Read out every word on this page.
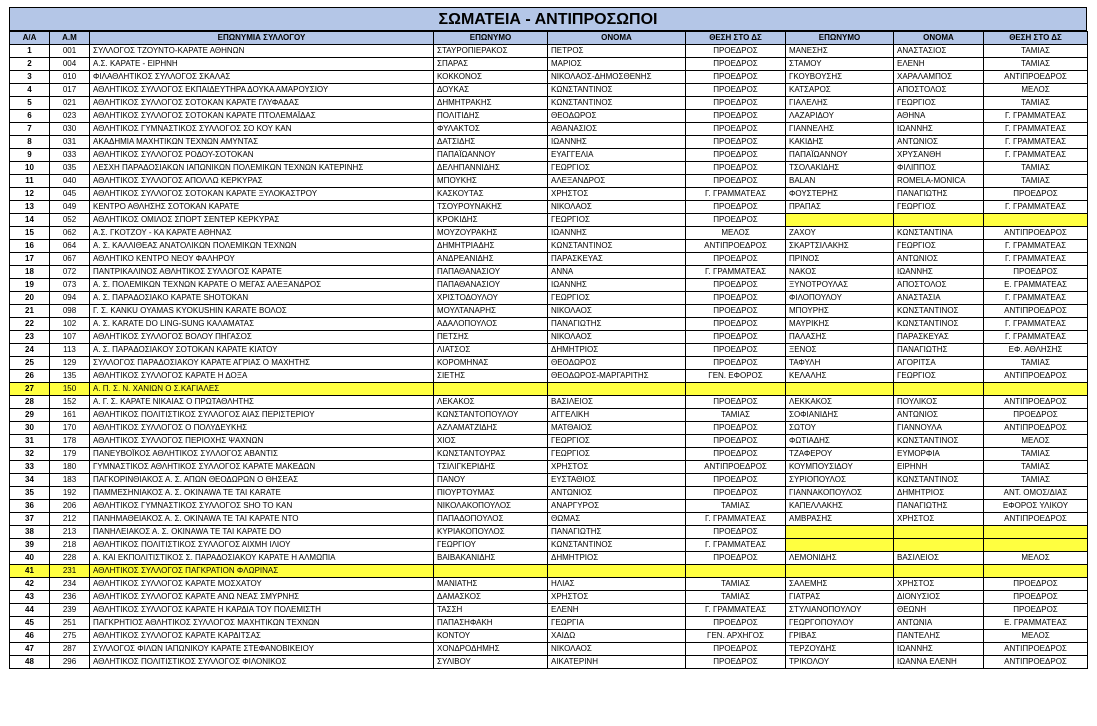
ΣΩΜΑΤΕΙΑ - ΑΝΤΙΠΡΟΣΩΠΟΙ
Α/Α	Α.Μ	ΕΠΩΝΥΜΙΑ ΣΥΛΛΟΓΟΥ	ΕΠΩΝΥΜΟ	ΟΝΟΜΑ	ΘΕΣΗ ΣΤΟ ΔΣ	ΕΠΩΝΥΜΟ	ΟΝΟΜΑ	ΘΕΣΗ ΣΤΟ ΔΣ
1	001	ΣΥΛΛΟΓΟΣ ΤΖΟΥΝΤΟ-ΚΑΡΑΤΕ ΑΘΗΝΩΝ	ΣΤΑΥΡΟΠΙΕΡΑΚΟΣ	ΠΕΤΡΟΣ	ΠΡΟΕΔΡΟΣ	ΜΑΝΕΣΗΣ	ΑΝΑΣΤΑΣΙΟΣ	ΤΑΜΙΑΣ
2	004	Α.Σ. ΚΑΡΑΤΕ - ΕΙΡΗΝΗ	ΣΠΑΡΑΣ	ΜΑΡΙΟΣ	ΠΡΟΕΔΡΟΣ	ΣΤΑΜΟΥ	ΕΛΕΝΗ	ΤΑΜΙΑΣ
3	010	ΦΙΛΑΘΛΗΤΙΚΟΣ ΣΥΛΛΟΓΟΣ ΣΚΑΛΑΣ	ΚΟΚΚΟΝΟΣ	ΝΙΚΟΛΑΟΣ-ΔΗΜΟΣΘΕΝΗΣ	ΠΡΟΕΔΡΟΣ	ΓΚΟΥΒΟΥΣΗΣ	ΧΑΡΑΛΑΜΠΟΣ	ΑΝΤΙΠΡΟΕΔΡΟΣ
4	017	ΑΘΛΗΤΙΚΟΣ ΣΥΛΛΟΓΟΣ ΕΚΠΑΙΔΕΥΤΗΡΑ ΔΟΥΚΑ ΑΜΑΡΟΥΣΙΟΥ	ΔΟΥΚΑΣ	ΚΩΝΣΤΑΝΤΙΝΟΣ	ΠΡΟΕΔΡΟΣ	ΚΑΤΣΑΡΟΣ	ΑΠΟΣΤΟΛΟΣ	ΜΕΛΟΣ
5	021	ΑΘΛΗΤΙΚΟΣ ΣΥΛΛΟΓΟΣ ΣΟΤΟΚΑΝ ΚΑΡΑΤΕ ΓΛΥΦΑΔΑΣ	ΔΗΜΗΤΡΑΚΗΣ	ΚΩΝΣΤΑΝΤΙΝΟΣ	ΠΡΟΕΔΡΟΣ	ΓΙΑΛΕΛΗΣ	ΓΕΩΡΓΙΟΣ	ΤΑΜΙΑΣ
6	023	ΑΘΛΗΤΙΚΟΣ ΣΥΛΛΟΓΟΣ ΣΟΤΟΚΑΝ ΚΑΡΑΤΕ ΠΤΟΛΕΜΑΪΔΑΣ	ΠΟΛΙΤΙΔΗΣ	ΘΕΟΔΩΡΟΣ	ΠΡΟΕΔΡΟΣ	ΛΑΖΑΡΙΔΟΥ	ΑΘΗΝΑ	Γ. ΓΡΑΜΜΑΤΕΑΣ
7	030	ΑΘΛΗΤΙΚΟΣ ΓΥΜΝΑΣΤΙΚΟΣ ΣΥΛΛΟΓΟΣ ΣΟ ΚΟΥ ΚΑΝ	ΦΥΛΑΚΤΟΣ	ΑΘΑΝΑΣΙΟΣ	ΠΡΟΕΔΡΟΣ	ΓΙΑΝΝΕΛΗΣ	ΙΩΑΝΝΗΣ	Γ. ΓΡΑΜΜΑΤΕΑΣ
8	031	ΑΚΑΔΗΜΙΑ ΜΑΧΗΤΙΚΩΝ ΤΕΧΝΩΝ ΑΜΥΝΤΑΣ	ΔΑΤΣΙΔΗΣ	ΙΩΑΝΝΗΣ	ΠΡΟΕΔΡΟΣ	ΚΑΚΙΔΗΣ	ΑΝΤΩΝΙΟΣ	Γ. ΓΡΑΜΜΑΤΕΑΣ
9	033	ΑΘΛΗΤΙΚΟΣ ΣΥΛΛΟΓΟΣ ΡΟΔΟΥ-ΣΟΤΟΚΑΝ	ΠΑΠΑΪΩΑΝΝΟΥ	ΕΥΑΓΓΕΛΙΑ	ΠΡΟΕΔΡΟΣ	ΠΑΠΑΪΩΑΝΝΟΥ	ΧΡΥΣΑΝΘΗ	Γ. ΓΡΑΜΜΑΤΕΑΣ
10	035	ΛΕΣΧΗ ΠΑΡΑΔΟΣΙΑΚΩΝ ΙΑΠΩΝΙΚΩΝ ΠΟΛΕΜΙΚΩΝ ΤΕΧΝΩΝ ΚΑΤΕΡΙΝΗΣ	ΔΕΛΗΠΑΝΝΙΔΗΣ	ΓΕΩΡΓΙΟΣ	ΠΡΟΕΔΡΟΣ	ΤΣΟΛΑΚΙΔΗΣ	ΦΙΛΙΠΠΟΣ	ΤΑΜΙΑΣ
11	040	ΑΘΛΗΤΙΚΟΣ ΣΥΛΛΟΓΟΣ ΑΠΟΛΛΩ ΚΕΡΚΥΡΑΣ	ΜΠΟΥΚΗΣ	ΑΛΕΞΑΝΔΡΟΣ	ΠΡΟΕΔΡΟΣ	BALAN	ROMELA-MONICA	ΤΑΜΙΑΣ
12	045	ΑΘΛΗΤΙΚΟΣ ΣΥΛΛΟΓΟΣ ΣΟΤΟΚΑΝ ΚΑΡΑΤΕ ΞΥΛΟΚΑΣΤΡΟΥ	ΚΑΣΚΟΥΤΑΣ	ΧΡΗΣΤΟΣ	Γ. ΓΡΑΜΜΑΤΕΑΣ	ΦΟΥΣΤΕΡΗΣ	ΠΑΝΑΓΙΩΤΗΣ	ΠΡΟΕΔΡΟΣ
13	049	ΚΕΝΤΡΟ ΑΘΛΗΣΗΣ ΣΟΤΟΚΑΝ ΚΑΡΑΤΕ	ΤΣΟΥΡΟΥΝΑΚΗΣ	ΝΙΚΟΛΑΟΣ	ΠΡΟΕΔΡΟΣ	ΠΡΑΠΑΣ	ΓΕΩΡΓΙΟΣ	Γ. ΓΡΑΜΜΑΤΕΑΣ
14	052	ΑΘΛΗΤΙΚΟΣ ΟΜΙΛΟΣ ΣΠΟΡΤ ΣΕΝΤΕΡ ΚΕΡΚΥΡΑΣ	ΚΡΟΚΙΔΗΣ	ΓΕΩΡΓΙΟΣ	ΠΡΟΕΔΡΟΣ			
15	062	Α.Σ. ΓΚΟΤΖΟΥ - ΚΑ ΚΑΡΑΤΕ ΑΘΗΝΑΣ	ΜΟΥΖΟΥΡΑΚΗΣ	ΙΩΑΝΝΗΣ	ΜΕΛΟΣ	ΖΑΧΟΥ	ΚΩΝΣΤΑΝΤΙΝΑ	ΑΝΤΙΠΡΟΕΔΡΟΣ
16	064	Α. Σ. ΚΑΛΛΙΘΕΑΣ ΑΝΑΤΟΛΙΚΩΝ ΠΟΛΕΜΙΚΩΝ ΤΕΧΝΩΝ	ΔΗΜΗΤΡΙΑΔΗΣ	ΚΩΝΣΤΑΝΤΙΝΟΣ	ΑΝΤΙΠΡΟΕΔΡΟΣ	ΣΚΑΡΤΣΙΛΑΚΗΣ	ΓΕΩΡΓΙΟΣ	Γ. ΓΡΑΜΜΑΤΕΑΣ
17	067	ΑΘΛΗΤΙΚΟ ΚΕΝΤΡΟ ΝΕΟΥ ΦΑΛΗΡΟΥ	ΑΝΔΡΕΑΝΙΔΗΣ	ΠΑΡΑΣΚΕΥΑΣ	ΠΡΟΕΔΡΟΣ	ΠΡΙΝΟΣ	ΑΝΤΩΝΙΟΣ	Γ. ΓΡΑΜΜΑΤΕΑΣ
18	072	ΠΑΝΤΡΙΚΑΛΙΝΟΣ ΑΘΛΗΤΙΚΟΣ ΣΥΛΛΟΓΟΣ ΚΑΡΑΤΕ	ΠΑΠΑΘΑΝΑΣΙΟΥ	ΑΝΝΑ	Γ. ΓΡΑΜΜΑΤΕΑΣ	ΝΑΚΟΣ	ΙΩΑΝΝΗΣ	ΠΡΟΕΔΡΟΣ
19	073	Α. Σ. ΠΟΛΕΜΙΚΩΝ ΤΕΧΝΩΝ ΚΑΡΑΤΕ Ο ΜΕΓΑΣ ΑΛΕΞΑΝΔΡΟΣ	ΠΑΠΑΘΑΝΑΣΙΟΥ	ΙΩΑΝΝΗΣ	ΠΡΟΕΔΡΟΣ	ΞΥΝΟΤΡΟΥΛΑΣ	ΑΠΟΣΤΟΛΟΣ	Ε. ΓΡΑΜΜΑΤΕΑΣ
20	094	Α. Σ. ΠΑΡΑΔΟΣΙΑΚΟ ΚΑΡΑΤΕ SHOTOKAN	ΧΡΙΣΤΟΔΟΥΛΟΥ	ΓΕΩΡΓΙΟΣ	ΠΡΟΕΔΡΟΣ	ΦΙΛΟΠΟΥΛΟΥ	ΑΝΑΣΤΑΣΙΑ	Γ. ΓΡΑΜΜΑΤΕΑΣ
21	098	Γ. Σ. KANKU OYAMAS KYOKUSHIN KARATE ΒΟΛΟΣ	ΜΟΥΛΤΑΝΑΡΗΣ	ΝΙΚΟΛΑΟΣ	ΠΡΟΕΔΡΟΣ	ΜΠΟΥΡΗΣ	ΚΩΝΣΤΑΝΤΙΝΟΣ	ΑΝΤΙΠΡΟΕΔΡΟΣ
22	102	Α. Σ. KARATE DO LING-SUNG ΚΑΛΑΜΑΤΑΣ	ΑΔΑΛΟΠΟΥΛΟΣ	ΠΑΝΑΓΙΩΤΗΣ	ΠΡΟΕΔΡΟΣ	ΜΑΥΡΙΚΗΣ	ΚΩΝΣΤΑΝΤΙΝΟΣ	Γ. ΓΡΑΜΜΑΤΕΑΣ
23	107	ΑΘΛΗΤΙΚΟΣ ΣΥΛΛΟΓΟΣ ΒΟΛΟΥ ΠΗΓΑΣΟΣ	ΠΕΤΣΗΣ	ΝΙΚΟΛΑΟΣ	ΠΡΟΕΔΡΟΣ	ΠΑΛΑΣΗΣ	ΠΑΡΑΣΚΕΥΑΣ	Γ. ΓΡΑΜΜΑΤΕΑΣ
24	113	Α. Σ. ΠΑΡΑΔΟΣΙΑΚΟΥ ΣΟΤΟΚΑΝ ΚΑΡΑΤΕ ΚΙΑΤΟΥ	ΛΙΑΤΣΟΣ	ΔΗΜΗΤΡΙΟΣ	ΠΡΟΕΔΡΟΣ	ΞΕΝΟΣ	ΠΑΝΑΓΙΩΤΗΣ	ΕΦ. ΑΘΛΗΣΗΣ
25	129	ΣΥΛΛΟΓΟΣ ΠΑΡΑΔΟΣΙΑΚΟΥ ΚΑΡΑΤΕ ΑΓΡΙΑΣ Ο ΜΑΧΗΤΗΣ	ΚΟΡΟΜΗΝΑΣ	ΘΕΟΔΩΡΟΣ	ΠΡΟΕΔΡΟΣ	ΤΑΦΥΛΗ	ΑΓΟΡΙΤΣΑ	ΤΑΜΙΑΣ
26	135	ΑΘΛΗΤΙΚΟΣ ΣΥΛΛΟΓΟΣ ΚΑΡΑΤΕ Η ΔΟΞΑ	ΣΙΕΤΗΣ	ΘΕΟΔΩΡΟΣ-ΜΑΡΓΑΡΙΤΗΣ	ΓΕΝ. ΕΦΟΡΟΣ	ΚΕΛΑΛΗΣ	ΓΕΩΡΓΙΟΣ	ΑΝΤΙΠΡΟΕΔΡΟΣ
27	150	Α. Π. Σ. Ν. ΧΑΝΙΩΝ Ο Σ.ΚΑΓΙΑΛΕΣ						
28	152	Α. Γ. Σ. ΚΑΡΑΤΕ ΝΙΚΑΙΑΣ Ο ΠΡΩΤΑΘΛΗΤΗΣ	ΛΕΚΑΚΟΣ	ΒΑΣΙΛΕΙΟΣ	ΠΡΟΕΔΡΟΣ	ΛΕΚΚΑΚΟΣ	ΠΟΥΛΙΚΟΣ	ΑΝΤΙΠΡΟΕΔΡΟΣ
29	161	ΑΘΛΗΤΙΚΟΣ ΠΟΛΙΤΙΣΤΙΚΟΣ ΣΥΛΛΟΓΟΣ ΑΙΑΣ ΠΕΡΙΣΤΕΡΙΟΥ	ΚΩΝΣΤΑΝΤΟΠΟΥΛΟΥ	ΑΓΓΕΛΙΚΗ	ΤΑΜΙΑΣ	ΣΟΦΙΑΝΙΔΗΣ	ΑΝΤΩΝΙΟΣ	ΠΡΟΕΔΡΟΣ
30	170	ΑΘΛΗΤΙΚΟΣ ΣΥΛΛΟΓΟΣ Ο ΠΟΛΥΔΕΥΚΗΣ	ΑΖΛΑΜΑΤΖΙΔΗΣ	ΜΑΤΘΑΙΟΣ	ΠΡΟΕΔΡΟΣ	ΣΩΤΟΥ	ΓΙΑΝΝΟΥΛΑ	ΑΝΤΙΠΡΟΕΔΡΟΣ
31	178	ΑΘΛΗΤΙΚΟΣ ΣΥΛΛΟΓΟΣ ΠΕΡΙΟΧΗΣ ΨΑΧΝΩΝ	ΧΙΟΣ	ΓΕΩΡΓΙΟΣ	ΠΡΟΕΔΡΟΣ	ΦΩΤΙΑΔΗΣ	ΚΩΝΣΤΑΝΤΙΝΟΣ	ΜΕΛΟΣ
32	179	ΠΑΝΕΥΒΟΪΚΟΣ ΑΘΛΗΤΙΚΟΣ ΣΥΛΛΟΓΟΣ ΑΒΑΝΤΙΣ	ΚΩΝΣΤΑΝΤΟΥΡΑΣ	ΓΕΩΡΓΙΟΣ	ΠΡΟΕΔΡΟΣ	ΤΖΑΦΕΡΟΥ	ΕΥΜΟΡΦΙΑ	ΤΑΜΙΑΣ
33	180	ΓΥΜΝΑΣΤΙΚΟΣ ΑΘΛΗΤΙΚΟΣ ΣΥΛΛΟΓΟΣ ΚΑΡΑΤΕ ΜΑΚΕΔΩΝ	ΤΣΙΛΙΓΚΕΡΙΔΗΣ	ΧΡΗΣΤΟΣ	ΑΝΤΙΠΡΟΕΔΡΟΣ	ΚΟΥΜΠΟΥΣΙΔΟΥ	ΕΙΡΗΝΗ	ΤΑΜΙΑΣ
34	183	ΠΑΓΚΟΡΙΝΘΙΑΚΟΣ Α. Σ. ΑΠΩΝ ΘΕΟΔΩΡΩΝ Ο ΘΗΣΕΑΣ	ΠΑΝΟΥ	ΕΥΣΤΑΘΙΟΣ	ΠΡΟΕΔΡΟΣ	ΣΥΡΙΟΠΟΥΛΟΣ	ΚΩΝΣΤΑΝΤΙΝΟΣ	ΤΑΜΙΑΣ
35	192	ΠΑΜΜΕΣΗΝΙΑΚΟΣ Α. Σ. OKINAWA ΤΕ ΤΑΙ KARATE	ΠΙΟΥΡΤΟΥΜΑΣ	ΑΝΤΩΝΙΟΣ	ΠΡΟΕΔΡΟΣ	ΓΙΑΝΝΑΚΟΠΟΥΛΟΣ	ΔΗΜΗΤΡΙΟΣ	ΑΝΤ. ΟΜΟΣ/ΔΙΑΣ
36	206	ΑΘΛΗΤΙΚΟΣ ΓΥΜΝΑΣΤΙΚΟΣ ΣΥΛΛΟΓΟΣ SHO TO KAN	ΝΙΚΟΛΑΚΟΠΟΥΛΟΣ	ΑΝΑΡΓΥΡΟΣ	ΤΑΜΙΑΣ	ΚΑΠΕΛΛΑΚΗΣ	ΠΑΝΑΓΙΩΤΗΣ	ΕΦΟΡΟΣ ΥΛΙΚΟΥ
37	212	ΠΑΝΗΜΑΘΕΙΑΚΟΣ Α. Σ. OKINAWA ΤΕ ΤΑΙ ΚΑΡΑΤΕ ΝΤΟ	ΠΑΠΑΔΟΠΟΥΛΟΣ	ΘΩΜΑΣ	Γ. ΓΡΑΜΜΑΤΕΑΣ	ΑΜΒΡΑΣΗΣ	ΧΡΗΣΤΟΣ	ΑΝΤΙΠΡΟΕΔΡΟΣ
38	213	ΠΑΝΗΛΕΙΑΚΟΣ Α. Σ. OKINAWA ΤΕ ΤΑΙ ΚΑΡΑΤΕ DO	ΚΥΡΙΑΚΟΠΟΥΛΟΣ	ΠΑΝΑΓΙΩΤΗΣ	ΠΡΟΕΔΡΟΣ			
39	218	ΑΘΛΗΤΙΚΟΣ ΠΟΛΙΤΙΣΤΙΚΟΣ ΣΥΛΛΟΓΟΣ ΑΙΧΜΗ ΙΛΙΟΥ	ΓΕΩΡΓΙΟΥ	ΚΩΝΣΤΑΝΤΙΝΟΣ	Γ. ΓΡΑΜΜΑΤΕΑΣ			
40	228	Α. ΚΑΙ ΕΚΠΟΛΙΤΙΣΤΙΚΟΣ Σ. ΠΑΡΑΔΟΣΙΑΚΟΥ ΚΑΡΑΤΕ Η ΑΛΜΩΠΙΑ	ΒΑΙΒΑΚΑΝΙΔΗΣ	ΔΗΜΗΤΡΙΟΣ	ΠΡΟΕΔΡΟΣ	ΛΕΜΟΝΙΔΗΣ	ΒΑΣΙΛΕΙΟΣ	ΜΕΛΟΣ
41	231	ΑΘΛΗΤΙΚΟΣ ΣΥΛΛΟΓΟΣ ΠΑΓΚΡΑΤΙΟΝ ΦΛΩΡΙΝΑΣ						
42	234	ΑΘΛΗΤΙΚΟΣ ΣΥΛΛΟΓΟΣ ΚΑΡΑΤΕ ΜΟΣΧΑΤΟΥ	ΜΑΝΙΑΤΗΣ	ΗΛΙΑΣ	ΤΑΜΙΑΣ	ΣΑΛΕΜΗΣ	ΧΡΗΣΤΟΣ	ΠΡΟΕΔΡΟΣ
43	236	ΑΘΛΗΤΙΚΟΣ ΣΥΛΛΟΓΟΣ ΚΑΡΑΤΕ ΑΝΩ ΝΕΑΣ ΣΜΥΡΝΗΣ	ΔΑΜΑΣΚΟΣ	ΧΡΗΣΤΟΣ	ΤΑΜΙΑΣ	ΓΙΑΤΡΑΣ	ΔΙΟΝΥΣΙΟΣ	ΠΡΟΕΔΡΟΣ
44	239	ΑΘΛΗΤΙΚΟΣ ΣΥΛΛΟΓΟΣ ΚΑΡΑΤΕ Η ΚΑΡΔΙΑ ΤΟΥ ΠΟΛΕΜΙΣΤΗ	ΤΑΣΣΗ	ΕΛΕΝΗ	Γ. ΓΡΑΜΜΑΤΕΑΣ	ΣΤΥΛΙΑΝΟΠΟΥΛΟΥ	ΘΕΩΝΗ	ΠΡΟΕΔΡΟΣ
45	251	ΠΑΓΚΡΗΤΙΟΣ ΑΘΛΗΤΙΚΟΣ ΣΥΛΛΟΓΟΣ ΜΑΧΗΤΙΚΩΝ ΤΕΧΝΩΝ	ΠΑΠΑΣΗΦΑΚΗ	ΓΕΩΡΓΙΑ	ΠΡΟΕΔΡΟΣ	ΓΕΩΡΓΟΠΟΥΛΟΥ	ΑΝΤΩΝΙΑ	Ε. ΓΡΑΜΜΑΤΕΑΣ
46	275	ΑΘΛΗΤΙΚΟΣ ΣΥΛΛΟΓΟΣ ΚΑΡΑΤΕ ΚΑΡΔΙΤΣΑΣ	ΚΟΝΤΟΥ	ΧΑΙΔΩ	ΓΕΝ. ΑΡΧΗΓΟΣ	ΓΡΙΒΑΣ	ΠΑΝΤΕΛΗΣ	ΜΕΛΟΣ
47	287	ΣΥΛΛΟΓΟΣ ΦΙΛΩΝ ΙΑΠΩΝΙΚΟΥ ΚΑΡΑΤΕ ΣΤΕΦΑΝΟΒΙΚΕΙΟΥ	ΧΟΝΔΡΟΔΗΜΗΣ	ΝΙΚΟΛΑΟΣ	ΠΡΟΕΔΡΟΣ	ΤΕΡΖΟΥΔΗΣ	ΙΩΑΝΝΗΣ	ΑΝΤΙΠΡΟΕΔΡΟΣ
48	296	ΑΘΛΗΤΙΚΟΣ ΠΟΛΙΤΙΣΤΙΚΟΣ ΣΥΛΛΟΓΟΣ ΦΙΛΟΝΙΚΟΣ	ΣΥΛΙΒΟΥ	ΑΙΚΑΤΕΡΙΝΗ	ΠΡΟΕΔΡΟΣ	ΤΡΙΚΟΛΟΥ	ΙΩΑΝΝΑ ΕΛΕΝΗ	ΑΝΤΙΠΡΟΕΔΡΟΣ
